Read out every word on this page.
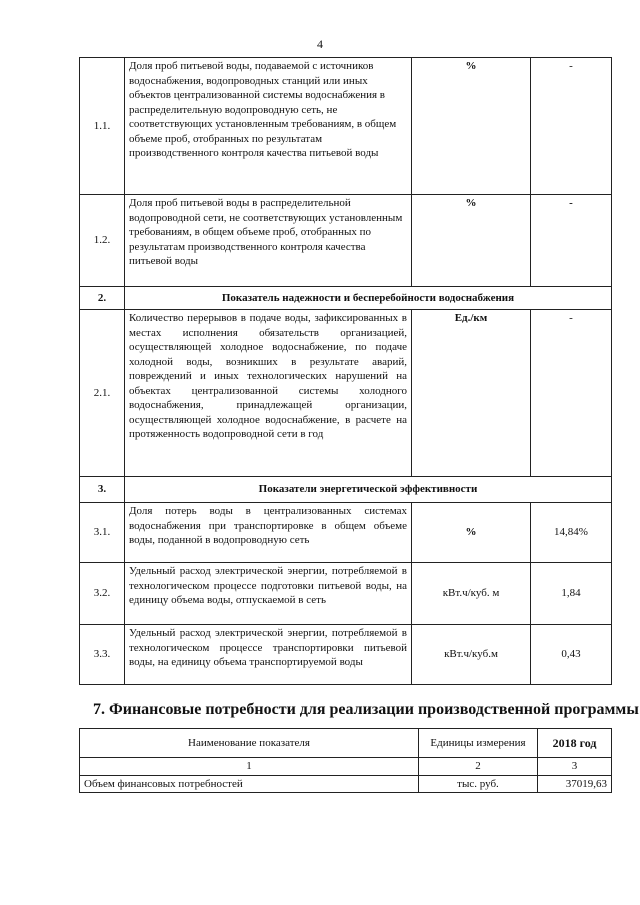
4
1.1.	Доля проб питьевой воды, подаваемой с источников водоснабжения, водопроводных станций или иных объектов централизованной системы водоснабжения в распределительную водопроводную сеть, не соответствующих установленным требованиям, в общем объеме проб, отобранных по результатам производственного контроля качества питьевой воды	%	-
1.2.	Доля проб питьевой воды в распределительной водопроводной сети, не соответствующих установленным требованиям, в общем объеме проб, отобранных по результатам производственного контроля качества питьевой воды	%	-
2.	Показатель надежности и бесперебойности водоснабжения		
2.1.	Количество перерывов в подаче воды, зафиксированных в местах исполнения обязательств организацией, осуществляющей холодное водоснабжение, по подаче холодной воды, возникших в результате аварий, повреждений и иных технологических нарушений на объектах централизованной системы холодного водоснабжения, принадлежащей организации, осуществляющей холодное водоснабжение, в расчете на протяженность водопроводной сети в год	Ед./км	-
3.	Показатели энергетической эффективности		
3.1.	Доля потерь воды в централизованных системах водоснабжения при транспортировке в общем объеме воды, поданной в водопроводную сеть	%	14,84%
3.2.	Удельный расход электрической энергии, потребляемой в технологическом процессе подготовки питьевой воды, на единицу объема воды, отпускаемой в сеть	кВт.ч/куб. м	1,84
3.3.	Удельный расход электрической энергии, потребляемой в технологическом процессе транспортировки питьевой воды, на единицу объема транспортируемой воды	кВт.ч/куб.м	0,43
7. Финансовые потребности для реализации производственной программы
Наименование показателя	Единицы измерения	2018 год
1	2	3
Объем финансовых потребностей	тыс. руб.	37019,63
